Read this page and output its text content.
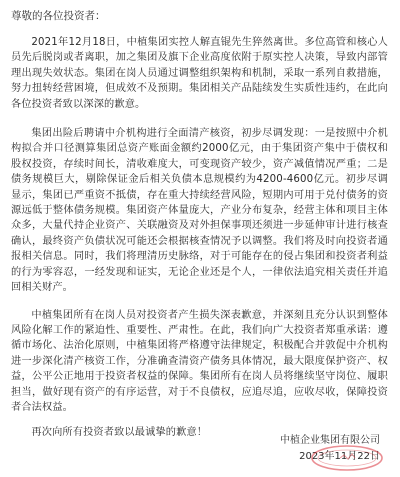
尊敬的各位投资者：

2021年12月18日，中植集团实控人解直锟先生猝然离世。多位高管和核心人员先后脱岗或者离职，加之集团及旗下企业高度依附于原实控人决策，导致内部管理出现失效状态。集团在岗人员通过调整组织架构和机制，采取一系列自救措施，努力扭转经营困境，但成效不及预期。集团相关产品陆续发生实质性违约，在此向各位投资者致以深深的歉意。

集团出险后聘请中介机构进行全面清产核资，初步尽调发现：一是按照中介机构拟合并口径测算集团总资产账面金额约2000亿元，由于集团资产集中于债权和股权投资，存续时间长，清收难度大，可变现资产较少，资产减值情况严重；二是债务规模巨大，剔除保证金后相关负债本息规模约为4200-4600亿元。初步尽调显示，集团已严重资不抵债，存在重大持续经营风险，短期内可用于兑付债务的资源远低于整体债务规模。集团资产体量庞大，产业分布复杂，经营主体和项目主体众多，大量代持企业资产、关联融资及对外担保事项还须进一步延伸审计进行核查确认，最终资产负债状况可能还会根据核查情况予以调整。我们将及时向投资者通报相关信息。同时，我们将理清历史脉络，对于可能存在的侵占集团和投资者利益的行为零容忍，一经发现和证实，无论企业还是个人，一律依法追究相关责任并追回相关财产。

中植集团所有在岗人员对投资者产生损失深表歉意，并深刻且充分认识到整体风险化解工作的紧迫性、重要性、严肃性。在此，我们向广大投资者郑重承诺：遵循市场化、法治化原则，中植集团将严格遵守法律规定，积极配合并敦促中介机构进一步深化清产核资工作，分准确查清资产债务具体情况，最大限度保护资产、权益，公平公正地用于投资者权益的保障。集团所有在岗人员将继续坚守岗位、履职担当，做好现有资产的有序运营，对于不良债权，应追尽追，应收尽收，保障投资者合法权益。

再次向所有投资者致以最诚挚的歉意！

中植企业集团有限公司
2023年11月22日
